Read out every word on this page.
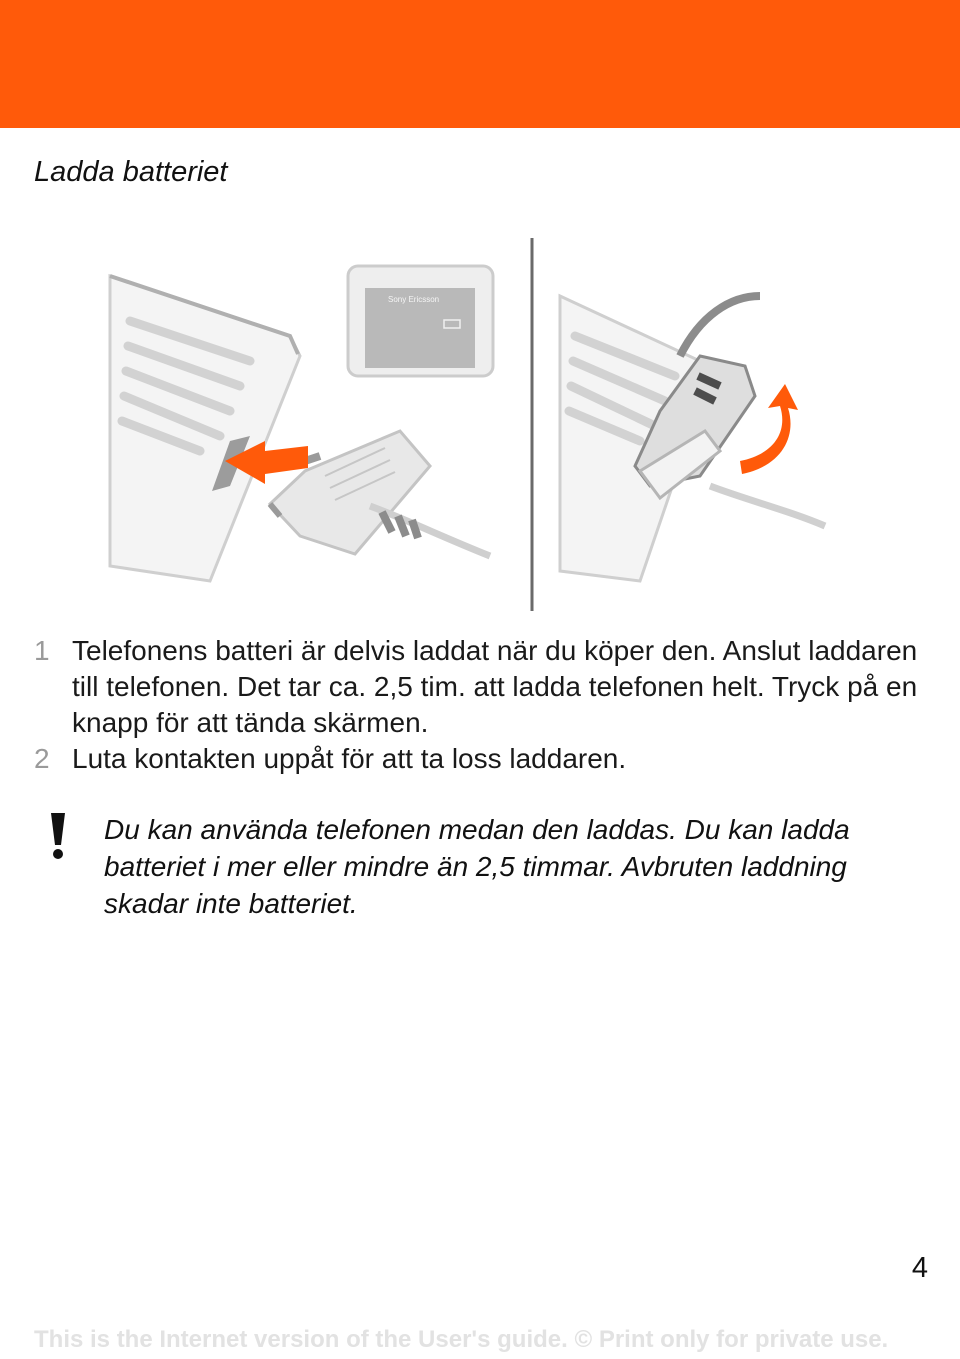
Ladda batteriet
Sony Ericsson
1 Telefonens batteri är delvis laddat när du köper den. Anslut laddaren till telefonen. Det tar ca. 2,5 tim. att ladda telefonen helt. Tryck på en knapp för att tända skärmen.
2 Luta kontakten uppåt för att ta loss laddaren.
Du kan använda telefonen medan den laddas. Du kan ladda batteriet i mer eller mindre än 2,5 timmar. Avbruten laddning skadar inte batteriet.
4
This is the Internet version of the User's guide. © Print only for private use.
